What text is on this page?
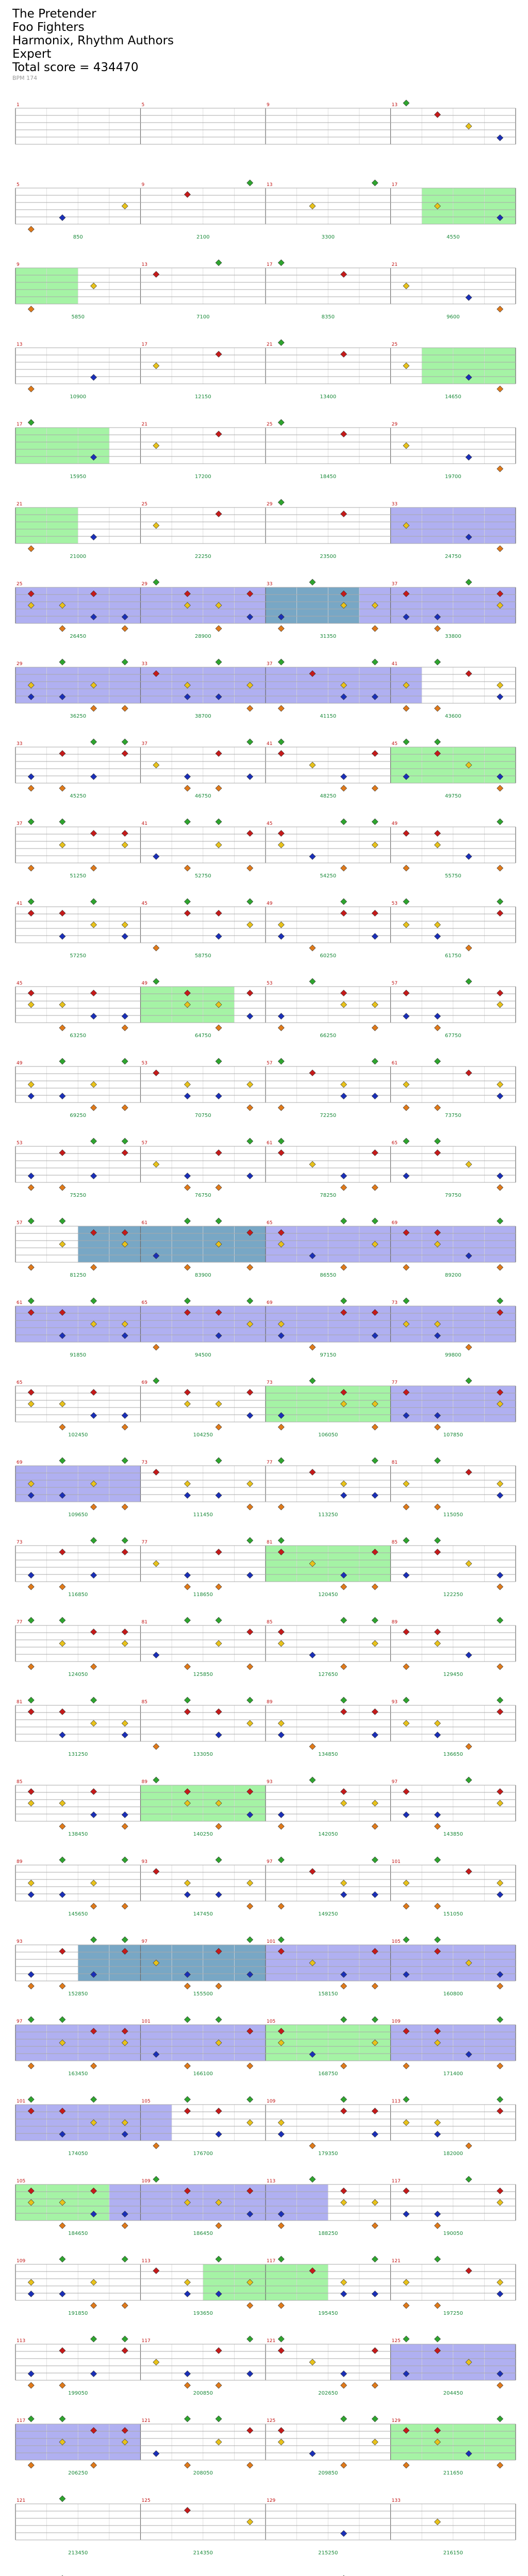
The Pretender
Foo Fighters
Harmonix, Rhythm Authors
Expert
Total score = 434470
BPM 174
1	5	9	13
5	9	13	17
850	2100	3300	4550
9	13	17	21
5850	7100	8350	9600
13	17	21	25
10900	12150	13400	14650
17	21	25	29
15950	17200	18450	19700
21	25	29	33
21000	22250	23500	24750
25	29	33	37
26450	28900	31350	33800
29	33	37	41
36250	38700	41150	43600
33	37	41	45
45250	46750	48250	49750
37	41	45	49
51250	52750	54250	55750
41	45	49	53
57250	58750	60250	61750
45	49	53	57
63250	64750	66250	67750
49	53	57	61
69250	70750	72250	73750
53	57	61	65
75250	76750	78250	79750
57	61	65	69
81250	83900	86550	89200
61	65	69	73
91850	94500	97150	99800
65	69	73	77
102450	104250	106050	107850
69	73	77	81
109650	111450	113250	115050
73	77	81	85
116850	118650	120450	122250
77	81	85	89
124050	125850	127650	129450
81	85	89	93
131250	133050	134850	136650
85	89	93	97
138450	140250	142050	143850
89	93	97	101
145650	147450	149250	151050
93	97	101	105
152850	155500	158150	160800
97	101	105	109
163450	166100	168750	171400
101	105	109	113
174050	176700	179350	182000
105	109	113	117
184650	186450	188250	190050
109	113	117	121
191850	193650	195450	197250
113	117	121	125
199050	200850	202650	204450
117	121	125	129
206250	208050	209850	211650
121	125	129	133
213450	214350	215250	216150
